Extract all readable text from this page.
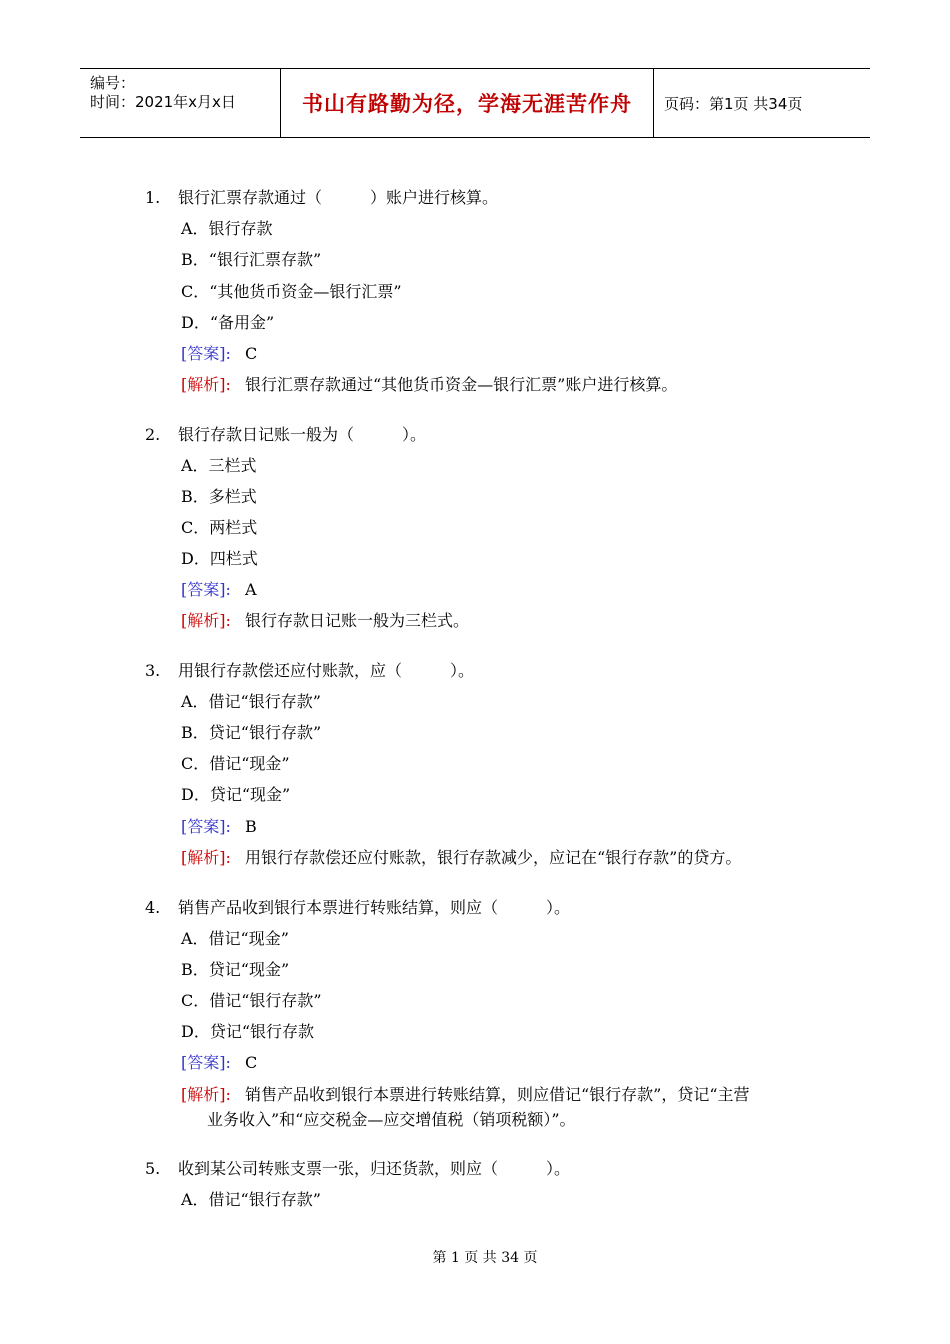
编号：
时间：2021年x月x日	书山有路勤为径，学海无涯苦作舟	页码：第1页 共34页
1. 银行汇票存款通过（　　　）账户进行核算。
A．银行存款
B．“银行汇票存款”
C．“其他货币资金—银行汇票”
D．“备用金”
[答案]: C
[解析]: 银行汇票存款通过“其他货币资金—银行汇票”账户进行核算。
2. 银行存款日记账一般为（　　　）。
A．三栏式
B．多栏式
C．两栏式
D．四栏式
[答案]: A
[解析]: 银行存款日记账一般为三栏式。
3. 用银行存款偿还应付账款，应（　　　）。
A．借记“银行存款”
B．贷记“银行存款”
C．借记“现金”
D．贷记“现金”
[答案]: B
[解析]: 用银行存款偿还应付账款，银行存款减少，应记在“银行存款”的贷方。
4. 销售产品收到银行本票进行转账结算，则应（　　　）。
A．借记“现金”
B．贷记“现金”
C．借记“银行存款”
D．贷记“银行存款
[答案]: C
[解析]: 销售产品收到银行本票进行转账结算，则应借记“银行存款”，贷记“主营
业务收入”和“应交税金—应交增值税（销项税额）”。
5. 收到某公司转账支票一张，归还货款，则应（　　　）。
A．借记“银行存款”
第 1 页 共 34 页
